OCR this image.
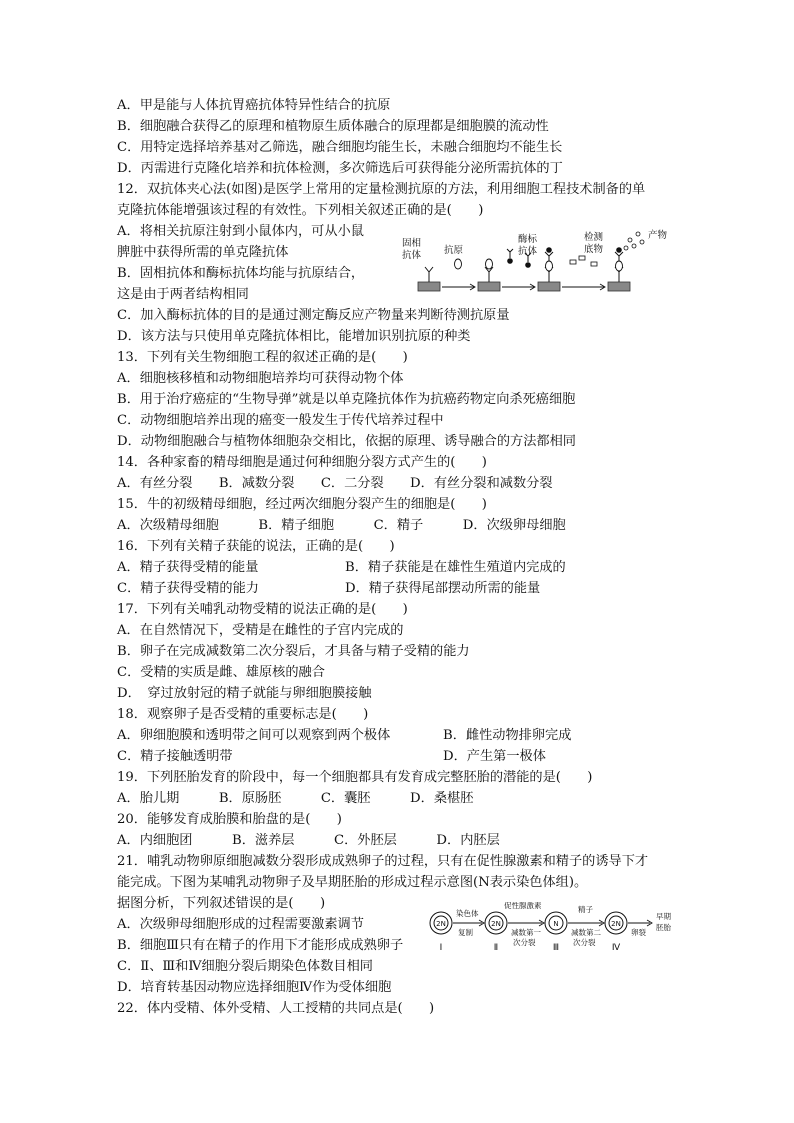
A．甲是能与人体抗胃癌抗体特异性结合的抗原
B．细胞融合获得乙的原理和植物原生质体融合的原理都是细胞膜的流动性
C．用特定选择培养基对乙筛选，融合细胞均能生长，未融合细胞均不能生长
D．丙需进行克隆化培养和抗体检测，多次筛选后可获得能分泌所需抗体的丁
12．双抗体夹心法(如图)是医学上常用的定量检测抗原的方法，利用细胞工程技术制备的单
克隆抗体能增强该过程的有效性。下列相关叙述正确的是(　　)
A．将相关抗原注射到小鼠体内，可从小鼠
脾脏中获得所需的单克隆抗体
B．固相抗体和酶标抗体均能与抗原结合，
这是由于两者结构相同
C．加入酶标抗体的目的是通过测定酶反应产物量来判断待测抗原量
D．该方法与只使用单克隆抗体相比，能增加识别抗原的种类
固相
抗体 抗原
酶标
抗体
检测
底物
产物
13．下列有关生物细胞工程的叙述正确的是(　　)
A．细胞核移植和动物细胞培养均可获得动物个体
B．用于治疗癌症的“生物导弹”就是以单克隆抗体作为抗癌药物定向杀死癌细胞
C．动物细胞培养出现的癌变一般发生于传代培养过程中
D．动物细胞融合与植物体细胞杂交相比，依据的原理、诱导融合的方法都相同
14．各种家畜的精母细胞是通过何种细胞分裂方式产生的(　　)
A．有丝分裂　　B．减数分裂　　C．二分裂　　D．有丝分裂和减数分裂
15．牛的初级精母细胞，经过两次细胞分裂产生的细胞是(　　)
A．次级精母细胞　　　B．精子细胞　　　C．精子　　　D．次级卵母细胞
16．下列有关精子获能的说法，正确的是(　　)
A．精子获得受精的能量	B．精子获能是在雄性生殖道内完成的
C．精子获得受精的能力	D．精子获得尾部摆动所需的能量
17．下列有关哺乳动物受精的说法正确的是(　　)
A．在自然情况下，受精是在雌性的子宫内完成的
B．卵子在完成减数第二次分裂后，才具备与精子受精的能力
C．受精的实质是雌、雄原核的融合
D．　穿过放射冠的精子就能与卵细胞膜接触
18．观察卵子是否受精的重要标志是(　　)
A．卵细胞膜和透明带之间可以观察到两个极体	B．雌性动物排卵完成
C．精子接触透明带	D．产生第一极体
19．下列胚胎发育的阶段中，每一个细胞都具有发育成完整胚胎的潜能的是(　　)
A．胎儿期　　　B．原肠胚　　　C．囊胚　　　D．桑椹胚
20．能够发育成胎膜和胎盘的是(　　)
A．内细胞团　　　B．滋养层　　　C．外胚层　　　D．内胚层
21．哺乳动物卵原细胞减数分裂形成成熟卵子的过程，只有在促性腺激素和精子的诱导下才
能完成。下图为某哺乳动物卵子及早期胚胎的形成过程示意图(N表示染色体组)。
据图分析，下列叙述错误的是(　　)
A．次级卵母细胞形成的过程需要激素调节
B．细胞Ⅲ只有在精子的作用下才能形成成熟卵子
C．Ⅱ、Ⅲ和Ⅳ细胞分裂后期染色体数目相同
D．培育转基因动物应选择细胞Ⅳ作为受体细胞
2N	2N	N	2N
Ⅰ	Ⅱ	Ⅲ	Ⅳ
染色体
复制
促性腺激素
减数第一
次分裂
精子
减数第二
次分裂
卵裂
早期
胚胎
22．体内受精、体外受精、人工授精的共同点是(　　)
